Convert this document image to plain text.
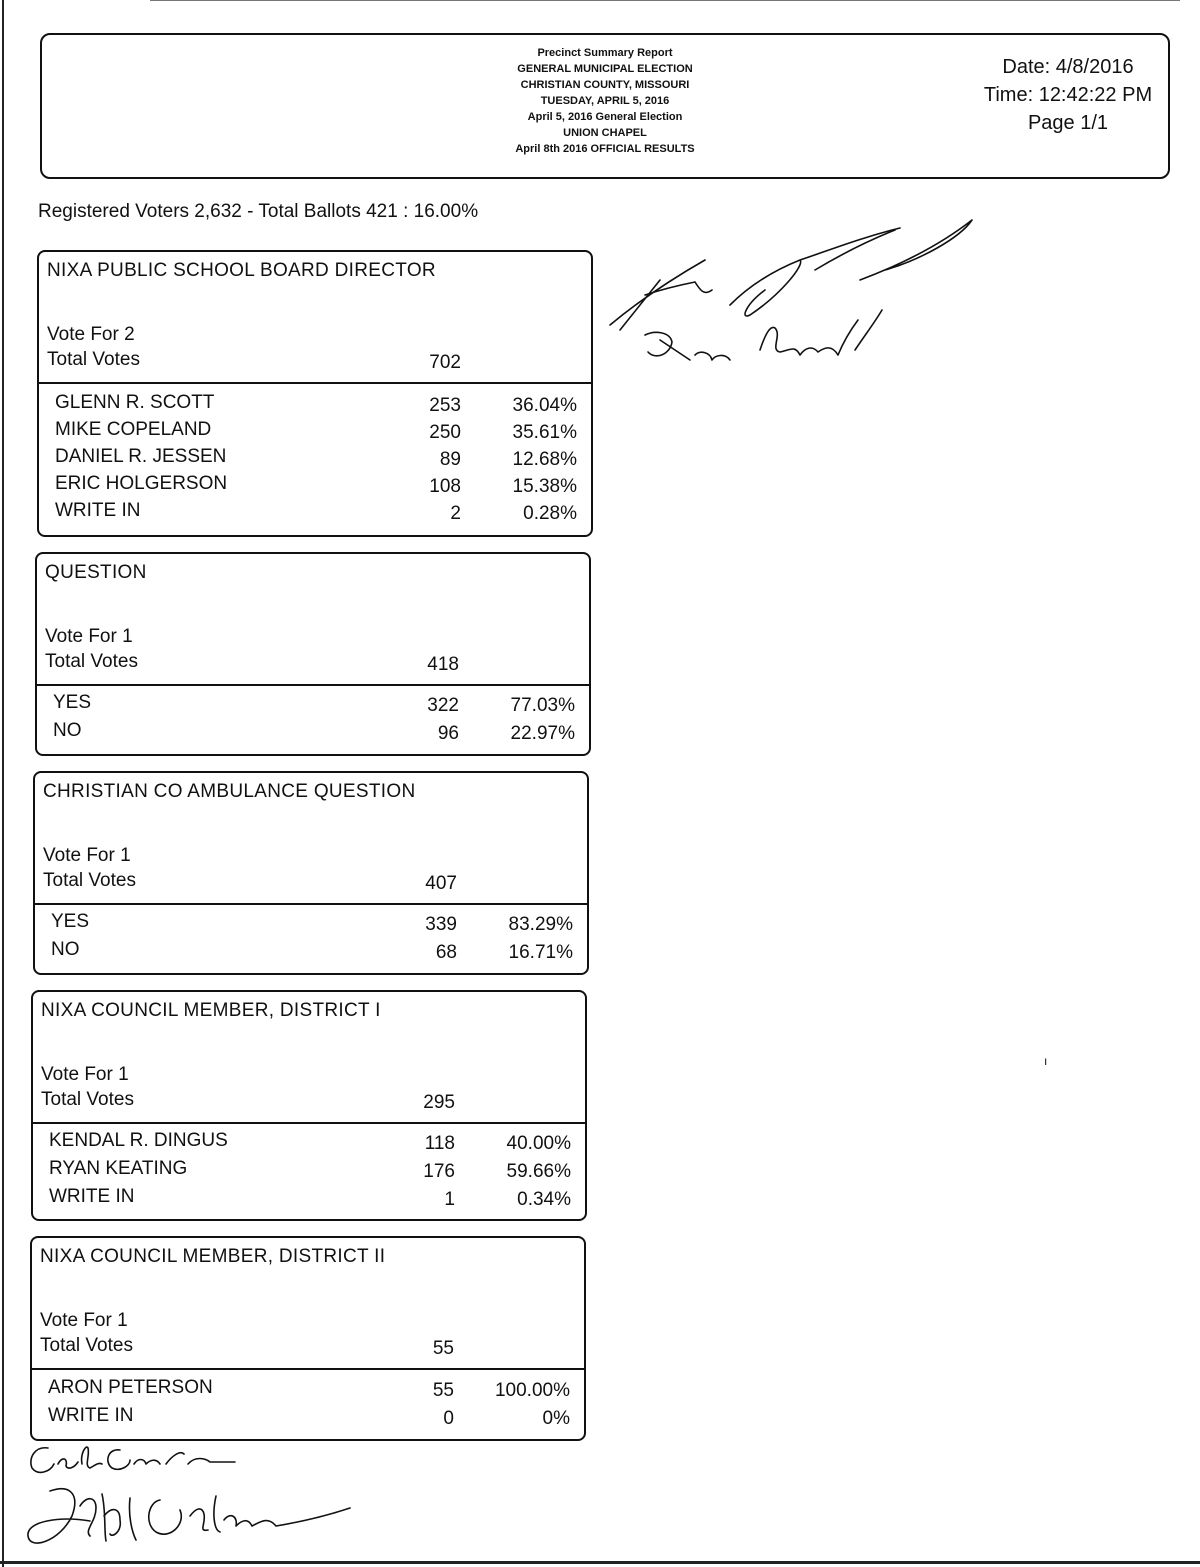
Precinct Summary Report
GENERAL MUNICIPAL ELECTION
CHRISTIAN COUNTY, MISSOURI
TUESDAY, APRIL 5, 2016
April 5, 2016 General Election
UNION CHAPEL
April 8th 2016 OFFICIAL RESULTS
Date: 4/8/2016
Time: 12:42:22 PM
Page 1/1
Registered Voters 2,632 - Total Ballots 421 : 16.00%
NIXA PUBLIC SCHOOL BOARD DIRECTOR
Vote For 2
Total Votes	702
GLENN R. SCOTT	253	36.04%
MIKE COPELAND	250	35.61%
DANIEL R. JESSEN	89	12.68%
ERIC HOLGERSON	108	15.38%
WRITE IN	2	0.28%
QUESTION
Vote For 1
Total Votes	418
YES	322	77.03%
NO	96	22.97%
CHRISTIAN CO AMBULANCE QUESTION
Vote For 1
Total Votes	407
YES	339	83.29%
NO	68	16.71%
NIXA COUNCIL MEMBER, DISTRICT I
Vote For 1
Total Votes	295
KENDAL R. DINGUS	118	40.00%
RYAN KEATING	176	59.66%
WRITE IN	1	0.34%
NIXA COUNCIL MEMBER, DISTRICT II
Vote For 1
Total Votes	55
ARON PETERSON	55	100.00%
WRITE IN	0	0%
ı
